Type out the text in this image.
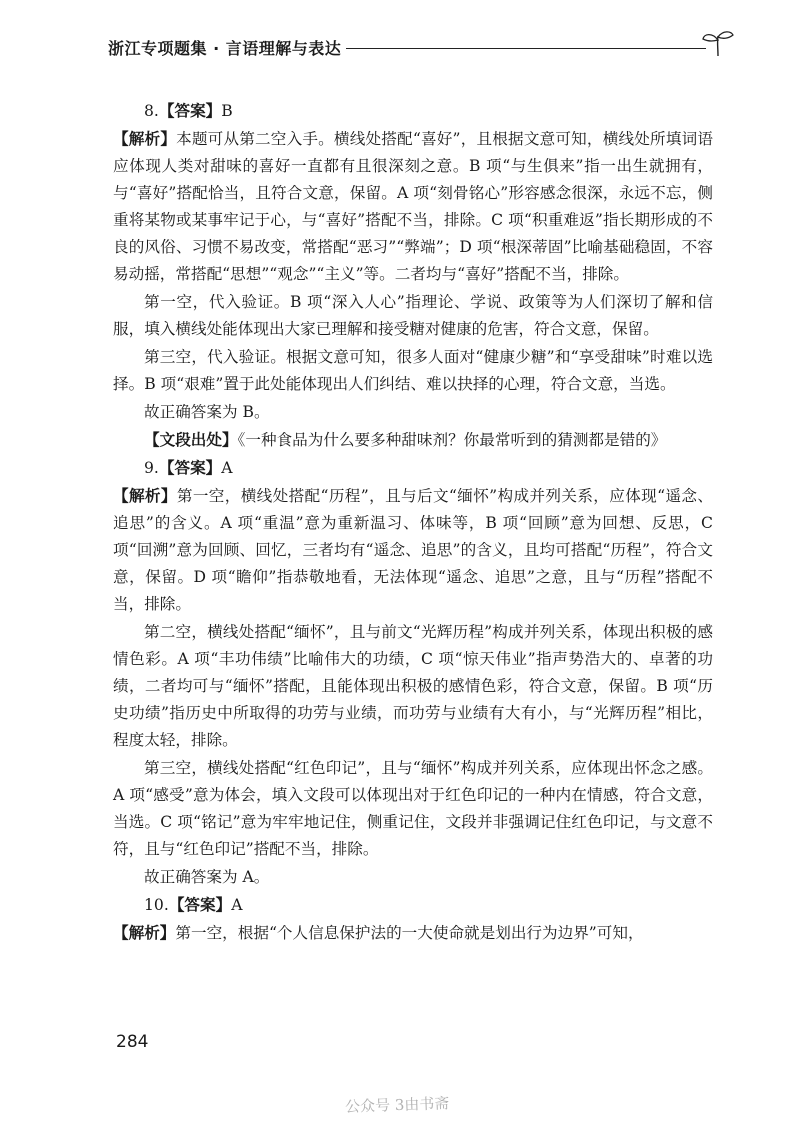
浙江专项题集 · 言语理解与表达

8.【答案】B

【解析】本题可从第二空入手。横线处搭配“喜好”，且根据文意可知，横线处所填词语应体现人类对甜味的喜好一直都有且很深刻之意。B 项“与生俱来”指一出生就拥有，与“喜好”搭配恰当，且符合文意，保留。A 项“刻骨铭心”形容感念很深，永远不忘，侧重将某物或某事牢记于心，与“喜好”搭配不当，排除。C 项“积重难返”指长期形成的不良的风俗、习惯不易改变，常搭配“恶习”“弊端”；D 项“根深蒂固”比喻基础稳固，不容易动摇，常搭配“思想”“观念”“主义”等。二者均与“喜好”搭配不当，排除。

第一空，代入验证。B 项“深入人心”指理论、学说、政策等为人们深切了解和信服，填入横线处能体现出大家已理解和接受糖对健康的危害，符合文意，保留。

第三空，代入验证。根据文意可知，很多人面对“健康少糖”和“享受甜味”时难以选择。B 项“艰难”置于此处能体现出人们纠结、难以抉择的心理，符合文意，当选。

故正确答案为 B。

【文段出处】《一种食品为什么要多种甜味剂？你最常听到的猜测都是错的》

9.【答案】A

【解析】第一空，横线处搭配“历程”，且与后文“缅怀”构成并列关系，应体现“遥念、追思”的含义。A 项“重温”意为重新温习、体味等，B 项“回顾”意为回想、反思，C 项“回溯”意为回顾、回忆，三者均有“遥念、追思”的含义，且均可搭配“历程”，符合文意，保留。D 项“瞻仰”指恭敬地看，无法体现“遥念、追思”之意，且与“历程”搭配不当，排除。

第二空，横线处搭配“缅怀”，且与前文“光辉历程”构成并列关系，体现出积极的感情色彩。A 项“丰功伟绩”比喻伟大的功绩，C 项“惊天伟业”指声势浩大的、卓著的功绩，二者均可与“缅怀”搭配，且能体现出积极的感情色彩，符合文意，保留。B 项“历史功绩”指历史中所取得的功劳与业绩，而功劳与业绩有大有小，与“光辉历程”相比，程度太轻，排除。

第三空，横线处搭配“红色印记”，且与“缅怀”构成并列关系，应体现出怀念之感。A 项“感受”意为体会，填入文段可以体现出对于红色印记的一种内在情感，符合文意，当选。C 项“铭记”意为牢牢地记住，侧重记住，文段并非强调记住红色印记，与文意不符，且与“红色印记”搭配不当，排除。

故正确答案为 A。

10.【答案】A

【解析】第一空，根据“个人信息保护法的一大使命就是划出行为边界”可知，

284
公众号 3由书斋
